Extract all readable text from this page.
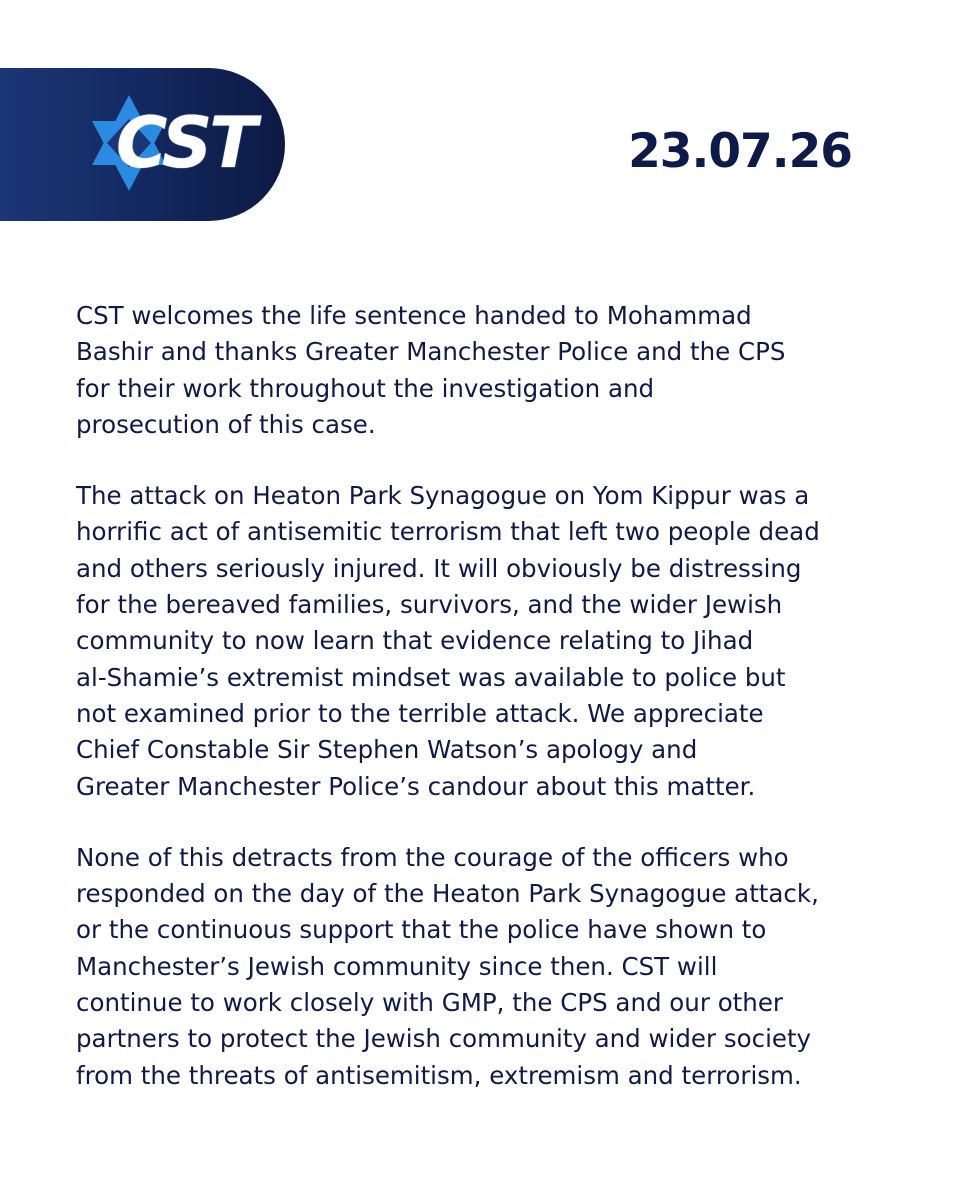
CST	23.07.26

CST welcomes the life sentence handed to Mohammad
Bashir and thanks Greater Manchester Police and the CPS
for their work throughout the investigation and
prosecution of this case.

The attack on Heaton Park Synagogue on Yom Kippur was a
horrific act of antisemitic terrorism that left two people dead
and others seriously injured. It will obviously be distressing
for the bereaved families, survivors, and the wider Jewish
community to now learn that evidence relating to Jihad
al-Shamie’s extremist mindset was available to police but
not examined prior to the terrible attack. We appreciate
Chief Constable Sir Stephen Watson’s apology and
Greater Manchester Police’s candour about this matter.

None of this detracts from the courage of the officers who
responded on the day of the Heaton Park Synagogue attack,
or the continuous support that the police have shown to
Manchester’s Jewish community since then. CST will
continue to work closely with GMP, the CPS and our other
partners to protect the Jewish community and wider society
from the threats of antisemitism, extremism and terrorism.
